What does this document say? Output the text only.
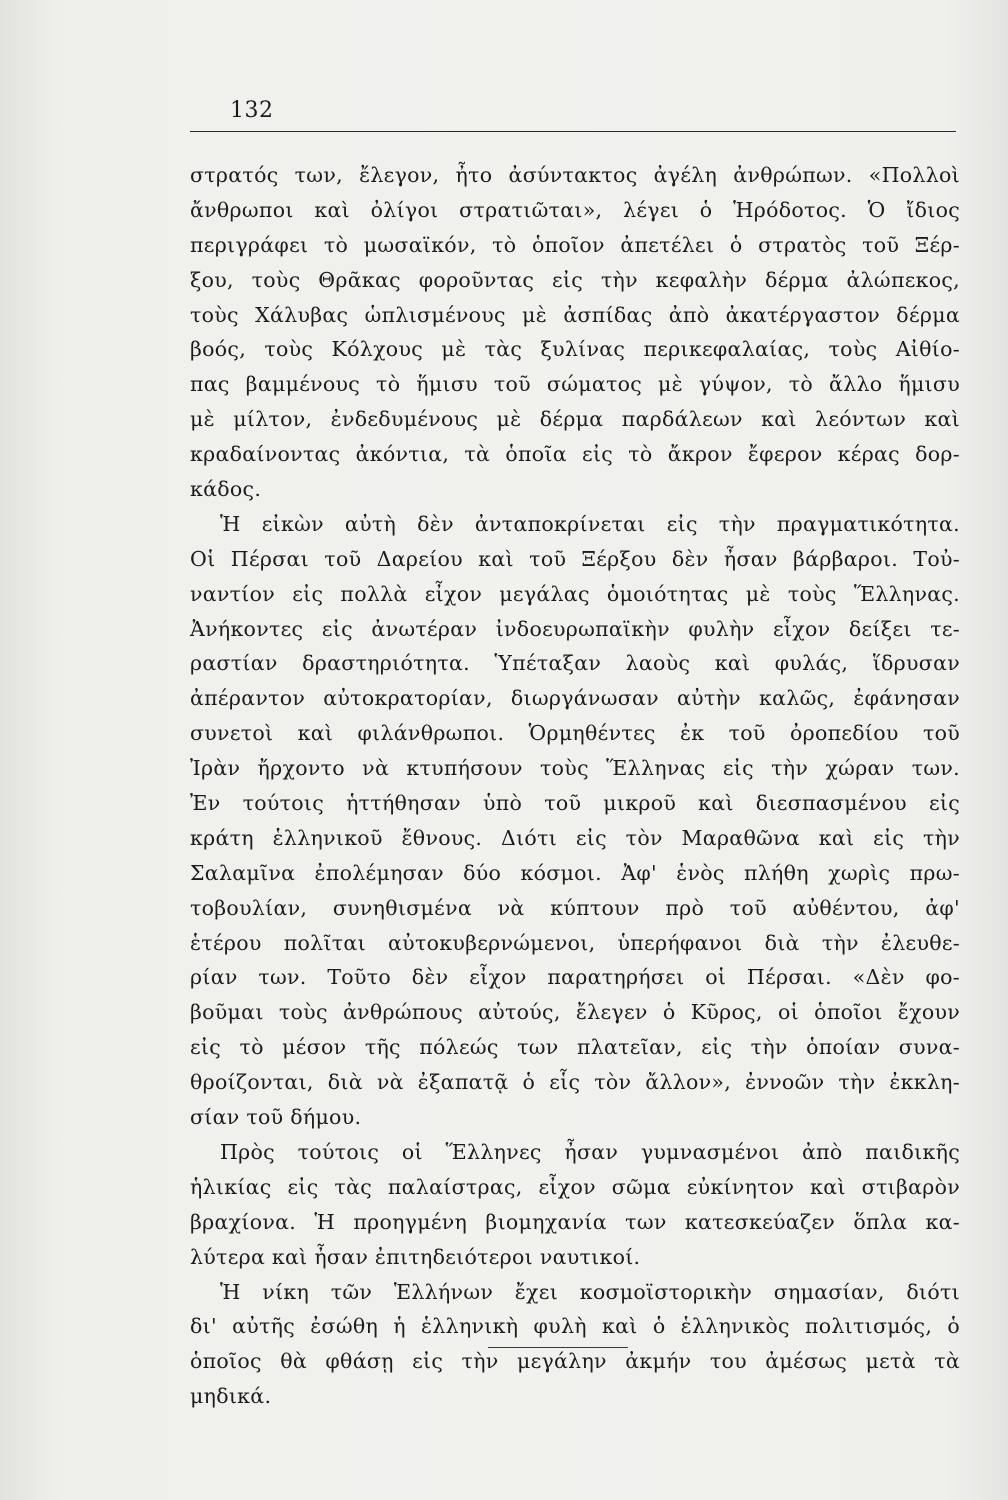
132
στρατός των, ἔλεγον, ἦτο ἀσύντακτος ἀγέλη ἀνθρώπων. «Πολλοὶ
ἄνθρωποι καὶ ὀλίγοι στρατιῶται», λέγει ὁ Ἡρόδοτος. Ὁ ἴδιος
περιγράφει τὸ μωσαϊκόν, τὸ ὁποῖον ἀπετέλει ὁ στρατὸς τοῦ Ξέρ-
ξου, τοὺς Θρᾶκας φοροῦντας εἰς τὴν κεφαλὴν δέρμα ἀλώπεκος,
τοὺς Χάλυβας ὡπλισμένους μὲ ἀσπίδας ἀπὸ ἀκατέργαστον δέρμα
βοός, τοὺς Κόλχους μὲ τὰς ξυλίνας περικεφαλαίας, τοὺς Αἰθίο-
πας βαμμένους τὸ ἥμισυ τοῦ σώματος μὲ γύψον, τὸ ἄλλο ἥμισυ
μὲ μίλτον, ἐνδεδυμένους μὲ δέρμα παρδάλεων καὶ λεόντων καὶ
κραδαίνοντας ἀκόντια, τὰ ὁποῖα εἰς τὸ ἄκρον ἔφερον κέρας δορ-
κάδος.
Ἡ εἰκὼν αὐτὴ δὲν ἀνταποκρίνεται εἰς τὴν πραγματικότητα.
Οἱ Πέρσαι τοῦ Δαρείου καὶ τοῦ Ξέρξου δὲν ἦσαν βάρβαροι. Τοὐ-
ναντίον εἰς πολλὰ εἶχον μεγάλας ὁμοιότητας μὲ τοὺς Ἕλληνας.
Ἀνήκοντες εἰς ἀνωτέραν ἰνδοευρωπαϊκὴν φυλὴν εἶχον δείξει τε-
ραστίαν δραστηριότητα. Ὑπέταξαν λαοὺς καὶ φυλάς, ἵδρυσαν
ἀπέραντον αὐτοκρατορίαν, διωργάνωσαν αὐτὴν καλῶς, ἐφάνησαν
συνετοὶ καὶ φιλάνθρωποι. Ὁρμηθέντες ἐκ τοῦ ὀροπεδίου τοῦ
Ἰρὰν ἤρχοντο νὰ κτυπήσουν τοὺς Ἕλληνας εἰς τὴν χώραν των.
Ἐν τούτοις ἡττήθησαν ὑπὸ τοῦ μικροῦ καὶ διεσπασμένου εἰς
κράτη ἑλληνικοῦ ἔθνους. Διότι εἰς τὸν Μαραθῶνα καὶ εἰς τὴν
Σαλαμῖνα ἐπολέμησαν δύο κόσμοι. Ἀφ' ἑνὸς πλήθη χωρὶς πρω-
τοβουλίαν, συνηθισμένα νὰ κύπτουν πρὸ τοῦ αὐθέντου, ἀφ'
ἑτέρου πολῖται αὐτοκυβερνώμενοι, ὑπερήφανοι διὰ τὴν ἐλευθε-
ρίαν των. Τοῦτο δὲν εἶχον παρατηρήσει οἱ Πέρσαι. «Δὲν φο-
βοῦμαι τοὺς ἀνθρώπους αὐτούς, ἔλεγεν ὁ Κῦρος, οἱ ὁποῖοι ἔχουν
εἰς τὸ μέσον τῆς πόλεώς των πλατεῖαν, εἰς τὴν ὁποίαν συνα-
θροίζονται, διὰ νὰ ἐξαπατᾷ ὁ εἷς τὸν ἄλλον», ἐννοῶν τὴν ἐκκλη-
σίαν τοῦ δήμου.
Πρὸς τούτοις οἱ Ἕλληνες ἦσαν γυμνασμένοι ἀπὸ παιδικῆς
ἡλικίας εἰς τὰς παλαίστρας, εἶχον σῶμα εὐκίνητον καὶ στιβαρὸν
βραχίονα. Ἡ προηγμένη βιομηχανία των κατεσκεύαζεν ὅπλα κα-
λύτερα καὶ ἦσαν ἐπιτηδειότεροι ναυτικοί.
Ἡ νίκη τῶν Ἑλλήνων ἔχει κοσμοϊστορικὴν σημασίαν, διότι
δι' αὐτῆς ἐσώθη ἡ ἑλληνικὴ φυλὴ καὶ ὁ ἑλληνικὸς πολιτισμός, ὁ
ὁποῖος θὰ φθάσῃ εἰς τὴν μεγάλην ἀκμήν του ἀμέσως μετὰ τὰ
μηδικά.
